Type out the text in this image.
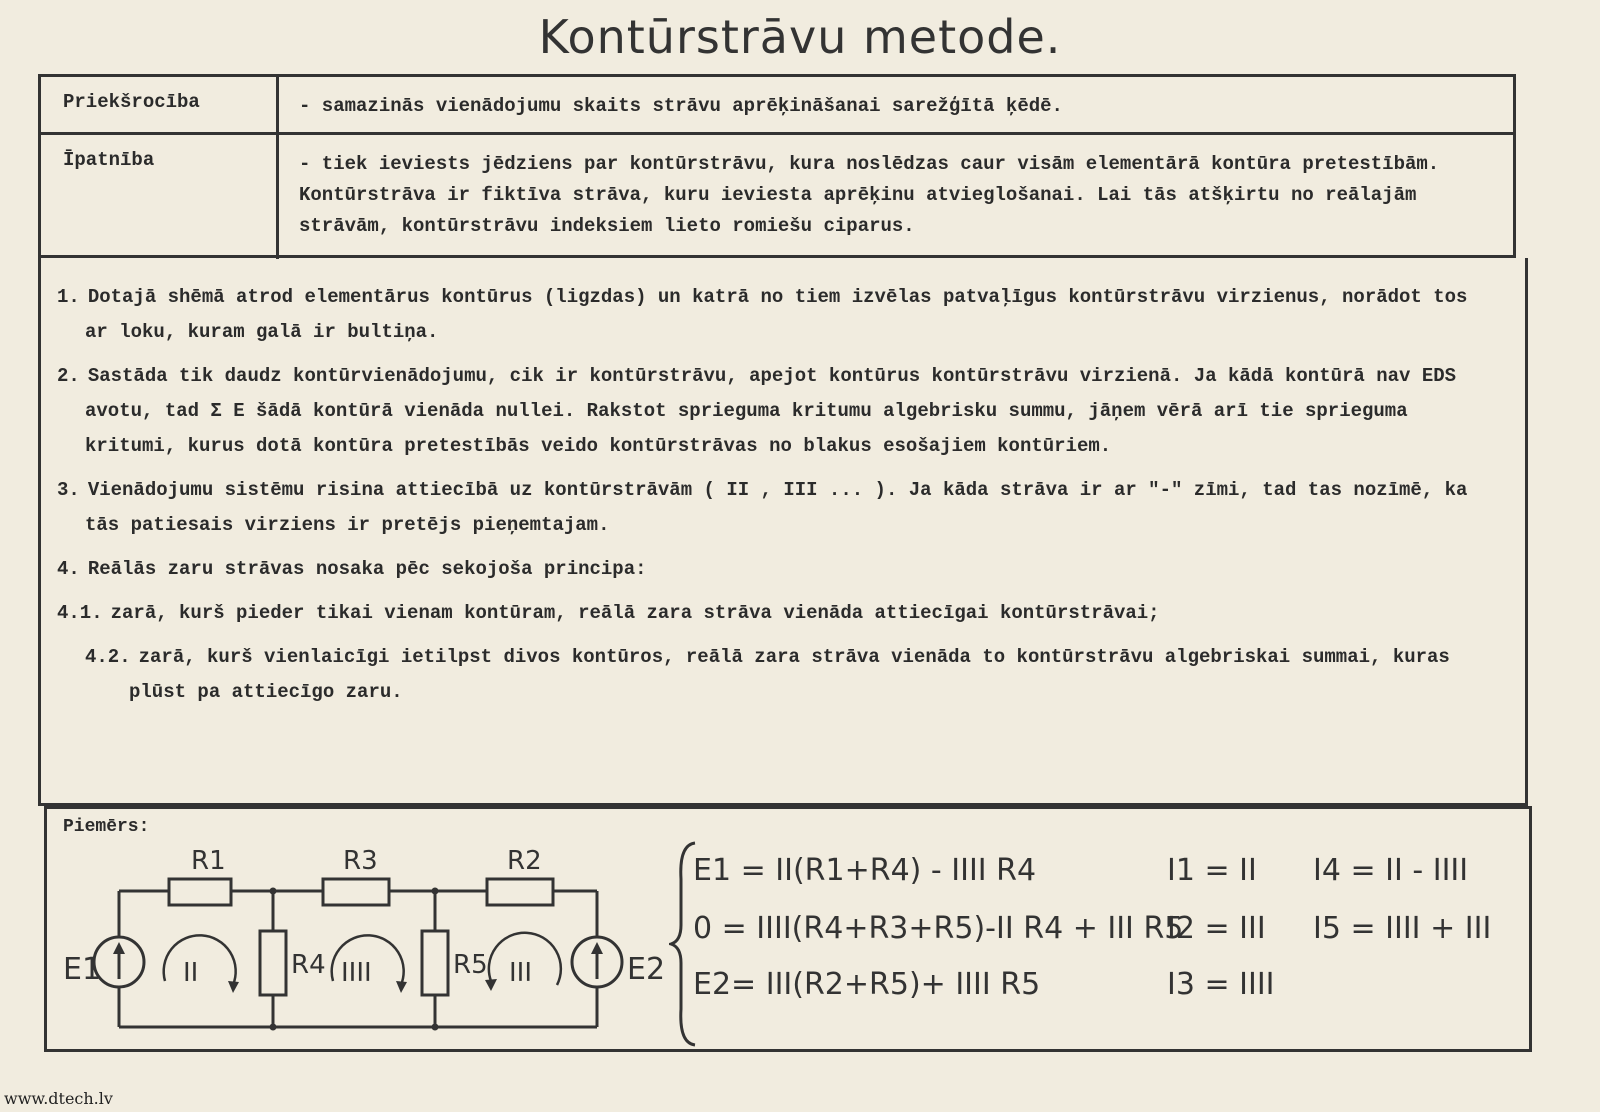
Kontūrstrāvu metode.
Priekšrocība	- samazinās vienādojumu skaits strāvu aprēķināšanai sarežģītā ķēdē.
Īpatnība	- tiek ieviests jēdziens par kontūrstrāvu, kura noslēdzas caur visām elementārā kontūra pretestībām. Kontūrstrāva ir fiktīva strāva, kuru ieviesta aprēķinu atvieglošanai. Lai tās atšķirtu no reālajām strāvām, kontūrstrāvu indeksiem lieto romiešu ciparus.
1. Dotajā shēmā atrod elementārus kontūrus (ligzdas) un katrā no tiem izvēlas patvaļīgus kontūrstrāvu virzienus, norādot tos ar loku, kuram galā ir bultiņa.
2. Sastāda tik daudz kontūrvienādojumu, cik ir kontūrstrāvu, apejot kontūrus kontūrstrāvu virzienā. Ja kādā kontūrā nav EDS avotu, tad Σ E šādā kontūrā vienāda nullei. Rakstot sprieguma kritumu algebrisku summu, jāņem vērā arī tie sprieguma kritumi, kurus dotā kontūra pretestībās veido kontūrstrāvas no blakus esošajiem kontūriem.
3. Vienādojumu sistēmu risina attiecībā uz kontūrstrāvām ( IΙ , IΙΙ ... ). Ja kāda strāva ir ar "-" zīmi, tad tas nozīmē, ka tās patiesais virziens ir pretējs pieņemtajam.
4. Reālās zaru strāvas nosaka pēc sekojoša principa:
4.1. zarā, kurš pieder tikai vienam kontūram, reālā zara strāva vienāda attiecīgai kontūrstrāvai;
4.2. zarā, kurš vienlaicīgi ietilpst divos kontūros, reālā zara strāva vienāda to kontūrstrāvu algebriskai summai, kuras plūst pa attiecīgo zaru.
Piemērs:
R1	R3	R2
R4	R5
E1	E2
IΙ	IΙΙΙ	IΙΙ
E1 = IΙ(R1+R4) - IΙΙΙ R4
0 = IΙΙΙ(R4+R3+R5)-IΙ R4 + IΙΙ R5
E2= IΙΙ(R2+R5)+ IΙΙΙ R5
I1 = IΙ
I2 = IΙΙ
I3 = IΙΙΙ
I4 = IΙ - IΙΙΙ
I5 = IΙΙΙ + IΙΙ
www.dtech.lv
